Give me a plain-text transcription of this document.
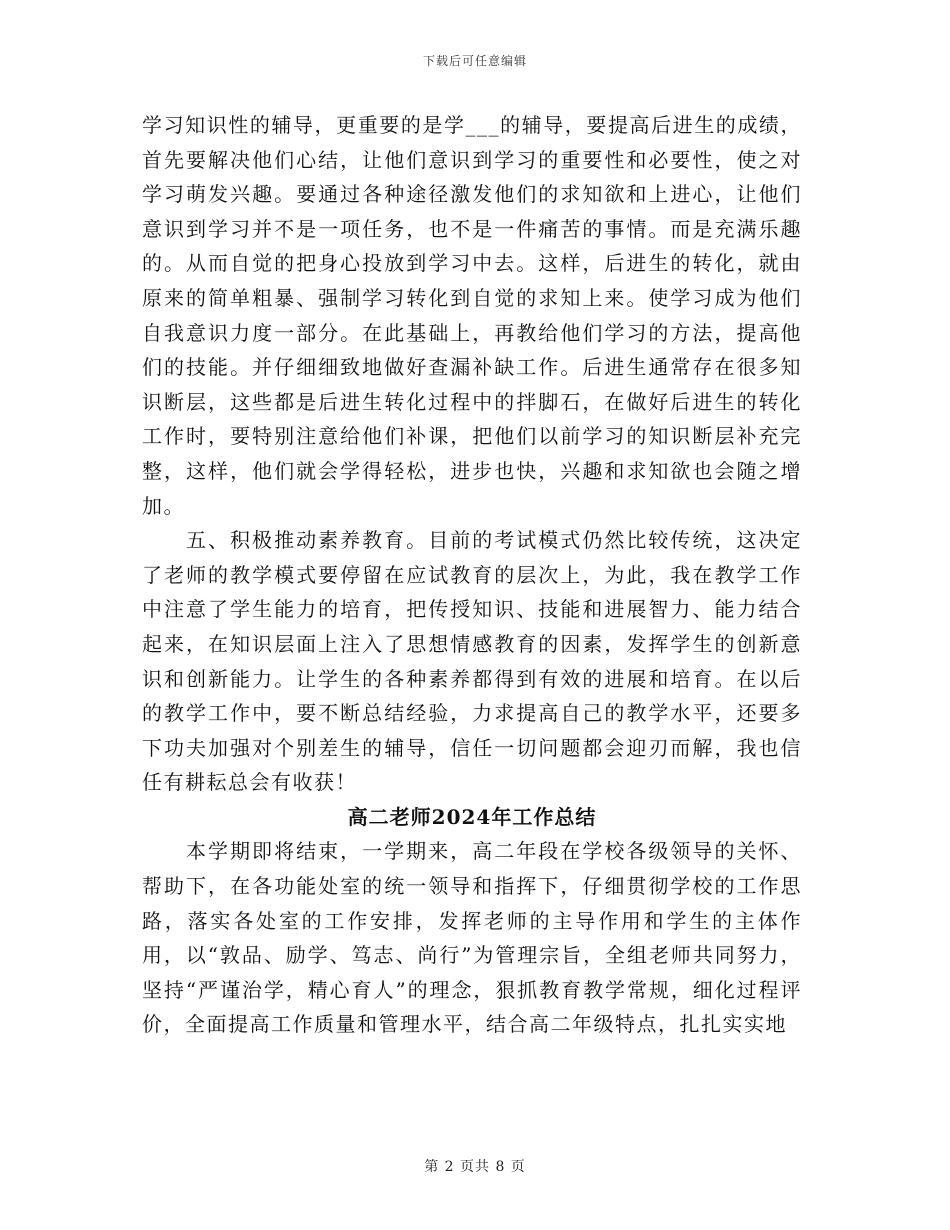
下载后可任意编辑

学习知识性的辅导，更重要的是学___的辅导，要提高后进生的成绩，首先要解决他们心结，让他们意识到学习的重要性和必要性，使之对学习萌发兴趣。要通过各种途径激发他们的求知欲和上进心，让他们意识到学习并不是一项任务，也不是一件痛苦的事情。而是充满乐趣的。从而自觉的把身心投放到学习中去。这样，后进生的转化，就由原来的简单粗暴、强制学习转化到自觉的求知上来。使学习成为他们自我意识力度一部分。在此基础上，再教给他们学习的方法，提高他们的技能。并仔细细致地做好查漏补缺工作。后进生通常存在很多知识断层，这些都是后进生转化过程中的拌脚石，在做好后进生的转化工作时，要特别注意给他们补课，把他们以前学习的知识断层补充完整，这样，他们就会学得轻松，进步也快，兴趣和求知欲也会随之增加。

五、积极推动素养教育。目前的考试模式仍然比较传统，这决定了老师的教学模式要停留在应试教育的层次上，为此，我在教学工作中注意了学生能力的培育，把传授知识、技能和进展智力、能力结合起来，在知识层面上注入了思想情感教育的因素，发挥学生的创新意识和创新能力。让学生的各种素养都得到有效的进展和培育。在以后的教学工作中，要不断总结经验，力求提高自己的教学水平，还要多下功夫加强对个别差生的辅导，信任一切问题都会迎刃而解，我也信任有耕耘总会有收获！

高二老师2024年工作总结

本学期即将结束，一学期来，高二年段在学校各级领导的关怀、帮助下，在各功能处室的统一领导和指挥下，仔细贯彻学校的工作思路，落实各处室的工作安排，发挥老师的主导作用和学生的主体作用，以“敦品、励学、笃志、尚行”为管理宗旨，全组老师共同努力，坚持“严谨治学，精心育人”的理念，狠抓教育教学常规，细化过程评价，全面提高工作质量和管理水平，结合高二年级特点，扎扎实实地

第 2 页共 8 页
